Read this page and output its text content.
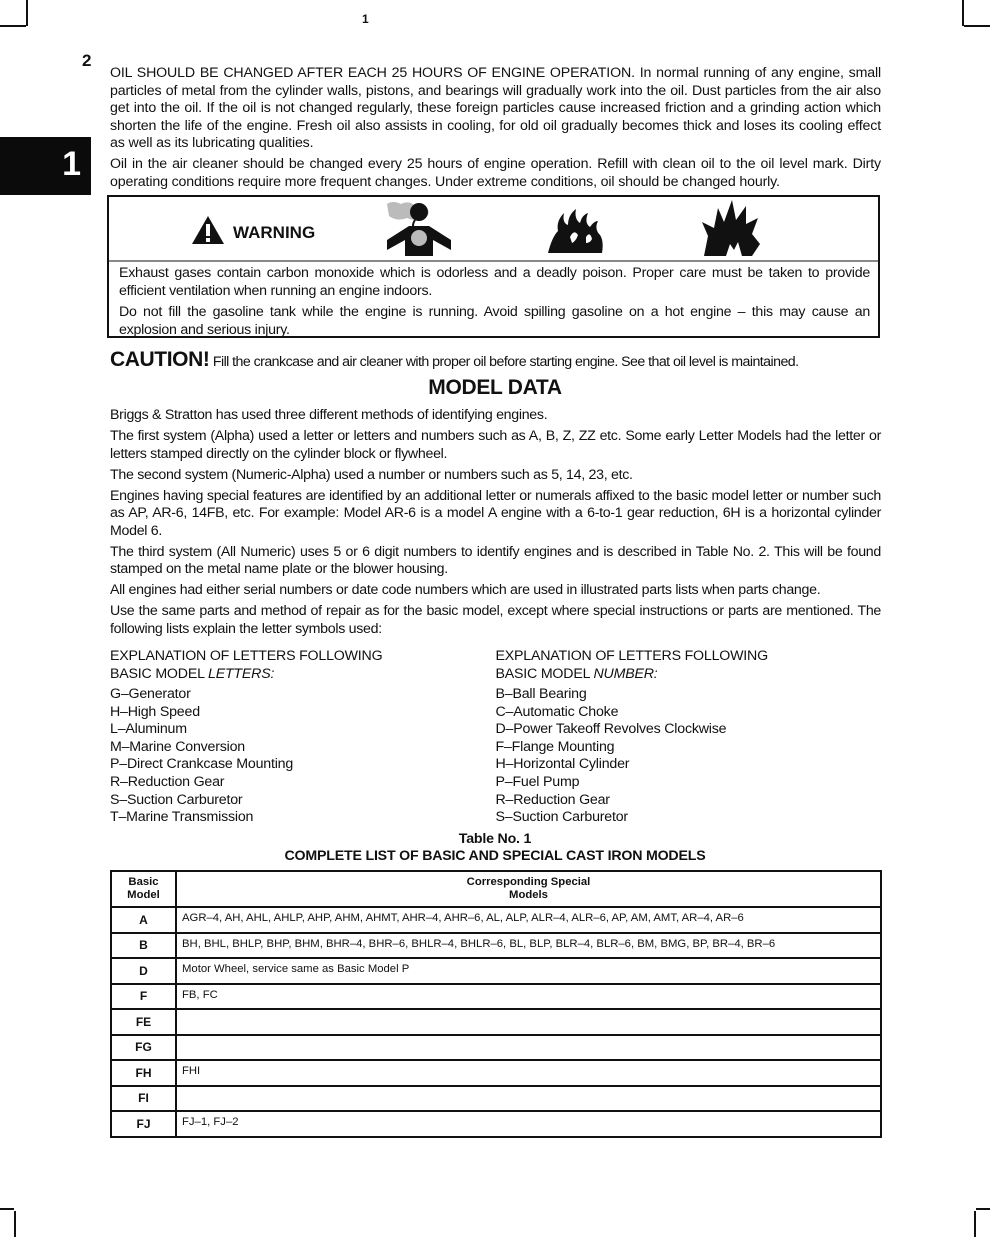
1
2
1

OIL SHOULD BE CHANGED AFTER EACH 25 HOURS OF ENGINE OPERATION. In normal running of any engine, small particles of metal from the cylinder walls, pistons, and bearings will gradually work into the oil. Dust particles from the air also get into the oil. If the oil is not changed regularly, these foreign particles cause increased friction and a grinding action which shorten the life of the engine. Fresh oil also assists in cooling, for old oil gradually becomes thick and loses its cooling effect as well as its lubricating qualities.

Oil in the air cleaner should be changed every 25 hours of engine operation. Refill with clean oil to the oil level mark. Dirty operating conditions require more frequent changes. Under extreme conditions, oil should be changed hourly.

WARNING

Exhaust gases contain carbon monoxide which is odorless and a deadly poison. Proper care must be taken to provide efficient ventilation when running an engine indoors.

Do not fill the gasoline tank while the engine is running. Avoid spilling gasoline on a hot engine – this may cause an explosion and serious injury.

CAUTION! Fill the crankcase and air cleaner with proper oil before starting engine. See that oil level is maintained.
MODEL DATA

Briggs & Stratton has used three different methods of identifying engines.

The first system (Alpha) used a letter or letters and numbers such as A, B, Z, ZZ etc. Some early Letter Models had the letter or letters stamped directly on the cylinder block or flywheel.

The second system (Numeric-Alpha) used a number or numbers such as 5, 14, 23, etc.

Engines having special features are identified by an additional letter or numerals affixed to the basic model letter or number such as AP, AR-6, 14FB, etc. For example: Model AR-6 is a model A engine with a 6-to-1 gear reduction, 6H is a horizontal cylinder Model 6.

The third system (All Numeric) uses 5 or 6 digit numbers to identify engines and is described in Table No. 2. This will be found stamped on the metal name plate or the blower housing.

All engines had either serial numbers or date code numbers which are used in illustrated parts lists when parts change.

Use the same parts and method of repair as for the basic model, except where special instructions or parts are mentioned. The following lists explain the letter symbols used:

EXPLANATION OF LETTERS FOLLOWING
BASIC MODEL LETTERS:
G–Generator
H–High Speed
L–Aluminum
M–Marine Conversion
P–Direct Crankcase Mounting
R–Reduction Gear
S–Suction Carburetor
T–Marine Transmission
EXPLANATION OF LETTERS FOLLOWING
BASIC MODEL NUMBER:
B–Ball Bearing
C–Automatic Choke
D–Power Takeoff Revolves Clockwise
F–Flange Mounting
H–Horizontal Cylinder
P–Fuel Pump
R–Reduction Gear
S–Suction Carburetor
Table No. 1
COMPLETE LIST OF BASIC AND SPECIAL CAST IRON MODELS
Basic
Model	Corresponding Special
Models
A	AGR–4, AH, AHL, AHLP, AHP, AHM, AHMT, AHR–4, AHR–6, AL, ALP, ALR–4, ALR–6, AP, AM, AMT, AR–4, AR–6
B	BH, BHL, BHLP, BHP, BHM, BHR–4, BHR–6, BHLR–4, BHLR–6, BL, BLP, BLR–4, BLR–6, BM, BMG, BP, BR–4, BR–6
D	Motor Wheel, service same as Basic Model P
F	FB, FC
FE	
FG	
FH	FHI
FI	
FJ	FJ–1, FJ–2
